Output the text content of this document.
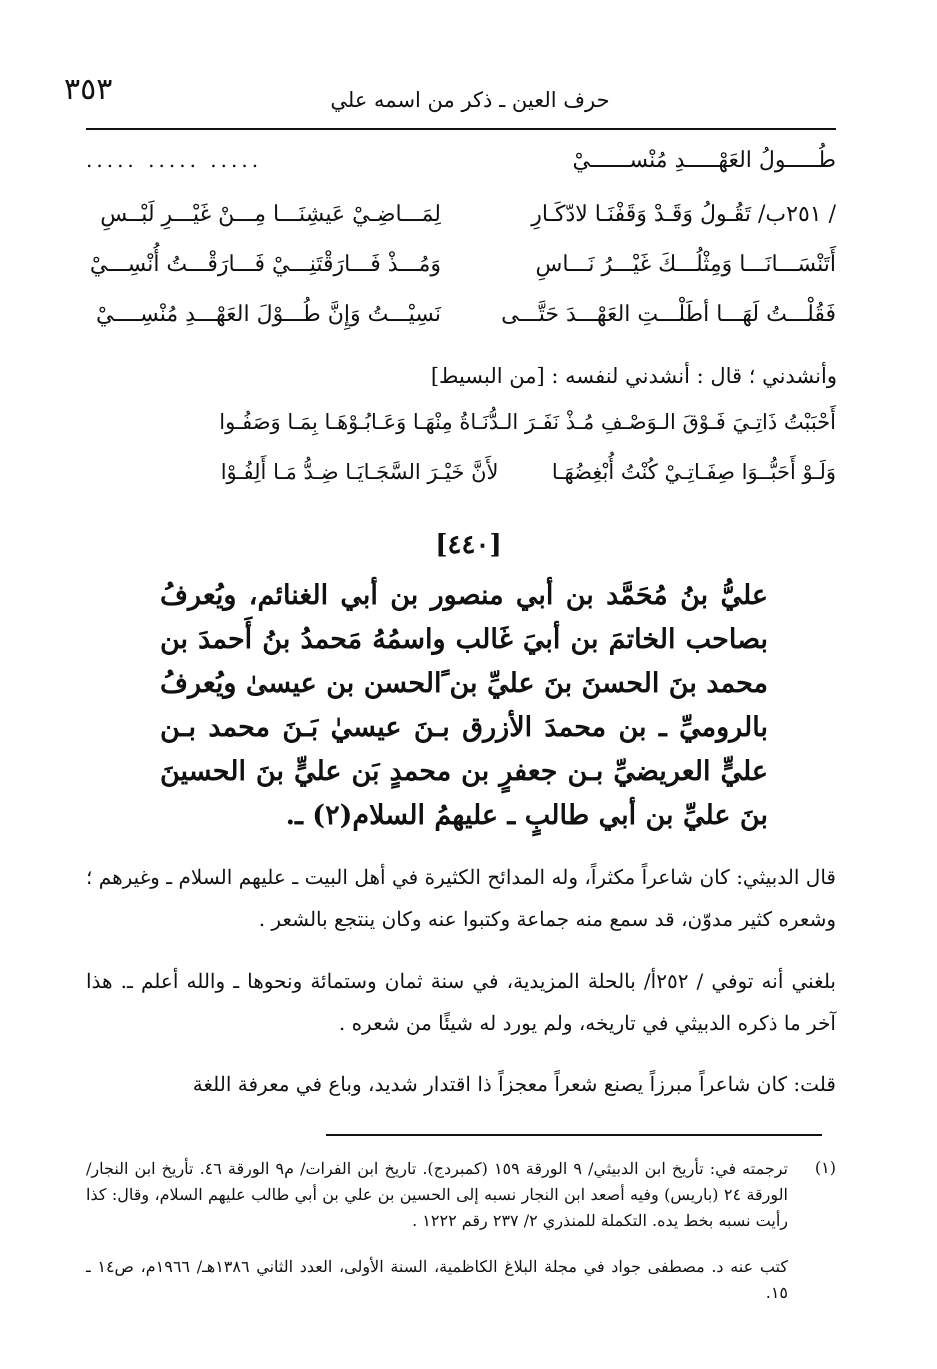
٣٥٣	حرف العين ـ ذكر من اسمه علي
طُـــــولُ العَهْـــــدِ مُنْســــــيْ
‪..... ..... .....‬
/ ٢٥١ب/ تَقُـولُ وَقَـدْ وَقَفْنَـا لادّكَـارِ
لِمَـــاضِـيْ عَيشِنَـــا مِـــنْ غَيْـــرِ لَبْــسِ
أَتَنْسَـــانَـــا وَمِثْلُـــكَ غَيْـــرُ نَـــاسِ
وَمُـــذْ فَـــارَقْتَنِـــيْ فَـــارَقْـــتُ أُنْسِـــيْ
فَقُلْـــتُ لَهَـــا أطَلْـــتِ العَهْـــدَ حَتَّـــى
نَسِيْـــتُ وَإِنَّ طُـــوْلَ العَهْـــدِ مُنْسِــــيْ
وأنشدني ؛ قال : أنشدني لنفسه : [من البسيط]
أَحْبَبْتُ ذَاتِـيَ فَـوْقَ الـوَصْـفِ مُـذْ نَفَـرَ الـدُّنَـاةُ مِنْهَـا وَعَـابُـوْهَـا بِمَـا وَصَفُـوا
وَلَـوْ أَحَبُّــوَا صِفَـاتِـيْ كُنْتُ أُبْغِضُهَـا        لأَنَّ خَيْـرَ السَّجَـايَـا ضِـدُّ مَـا أَلِفُـوْا
[٤٤٠]
عليُّ بنُ مُحَمَّد بن أبي منصور بن أبي الغنائم، ويُعرفُ بصاحب الخاتمَ بن أبيَ غَالب واسمُهُ مَحمدُ بنُ أَحمدَ بن محمد بنَ الحسنَ بنَ عليِّ بن ًالحسن بن عيسىٰ ويُعرفُ بالروميِّ ـ بن محمدَ الأزرق بـنَ عيسيٰ بَـنَ محمد بـن عليٍّ العريضيِّ بـن جعفرٍ بن محمدٍ بَن عليٍّ بنَ الحسينَ بنَ عليِّ بن أبي طالبٍ ـ عليهمُ السلام(٢) ـ.
قال الدبيثي: كان شاعراً مكثراً، وله المدائح الكثيرة في أهل البيت ـ عليهم السلام ـ وغيرهم ؛ وشعره كثير مدوّن، قد سمع منه جماعة وكتبوا عنه وكان ينتجع بالشعر .
بلغني أنه توفي / ٢٥٢أ/ بالحلة المزيدية، في سنة ثمان وستمائة ونحوها ـ والله أعلم ـ. هذا آخر ما ذكره الدبيثي في تاريخه، ولم يورد له شيئًا من شعره .
قلت: كان شاعراً مبرزاً يصنع شعراً معجزاً ذا اقتدار شديد، وباع في معرفة اللغة
(١)
ترجمته في: تأريخ ابن الدبيثي/ ٩ الورقة ١٥٩ (كمبردج). تاريخ ابن الفرات/ م٩ الورقة ٤٦. تأريخ ابن النجار/ الورقة ٢٤ (باريس) وفيه أصعد ابن النجار نسبه إلى الحسين بن علي بن أبي طالب عليهم السلام، وقال: كذا رأيت نسبه بخط يده. التكملة للمنذري ٢/ ٢٣٧ رقم ١٢٢٢ .
كتب عنه د. مصطفى جواد في مجلة البلاغ الكاظمية، السنة الأولى، العدد الثاني ١٣٨٦هـ/ ١٩٦٦م، ص١٤ ـ ١٥.
